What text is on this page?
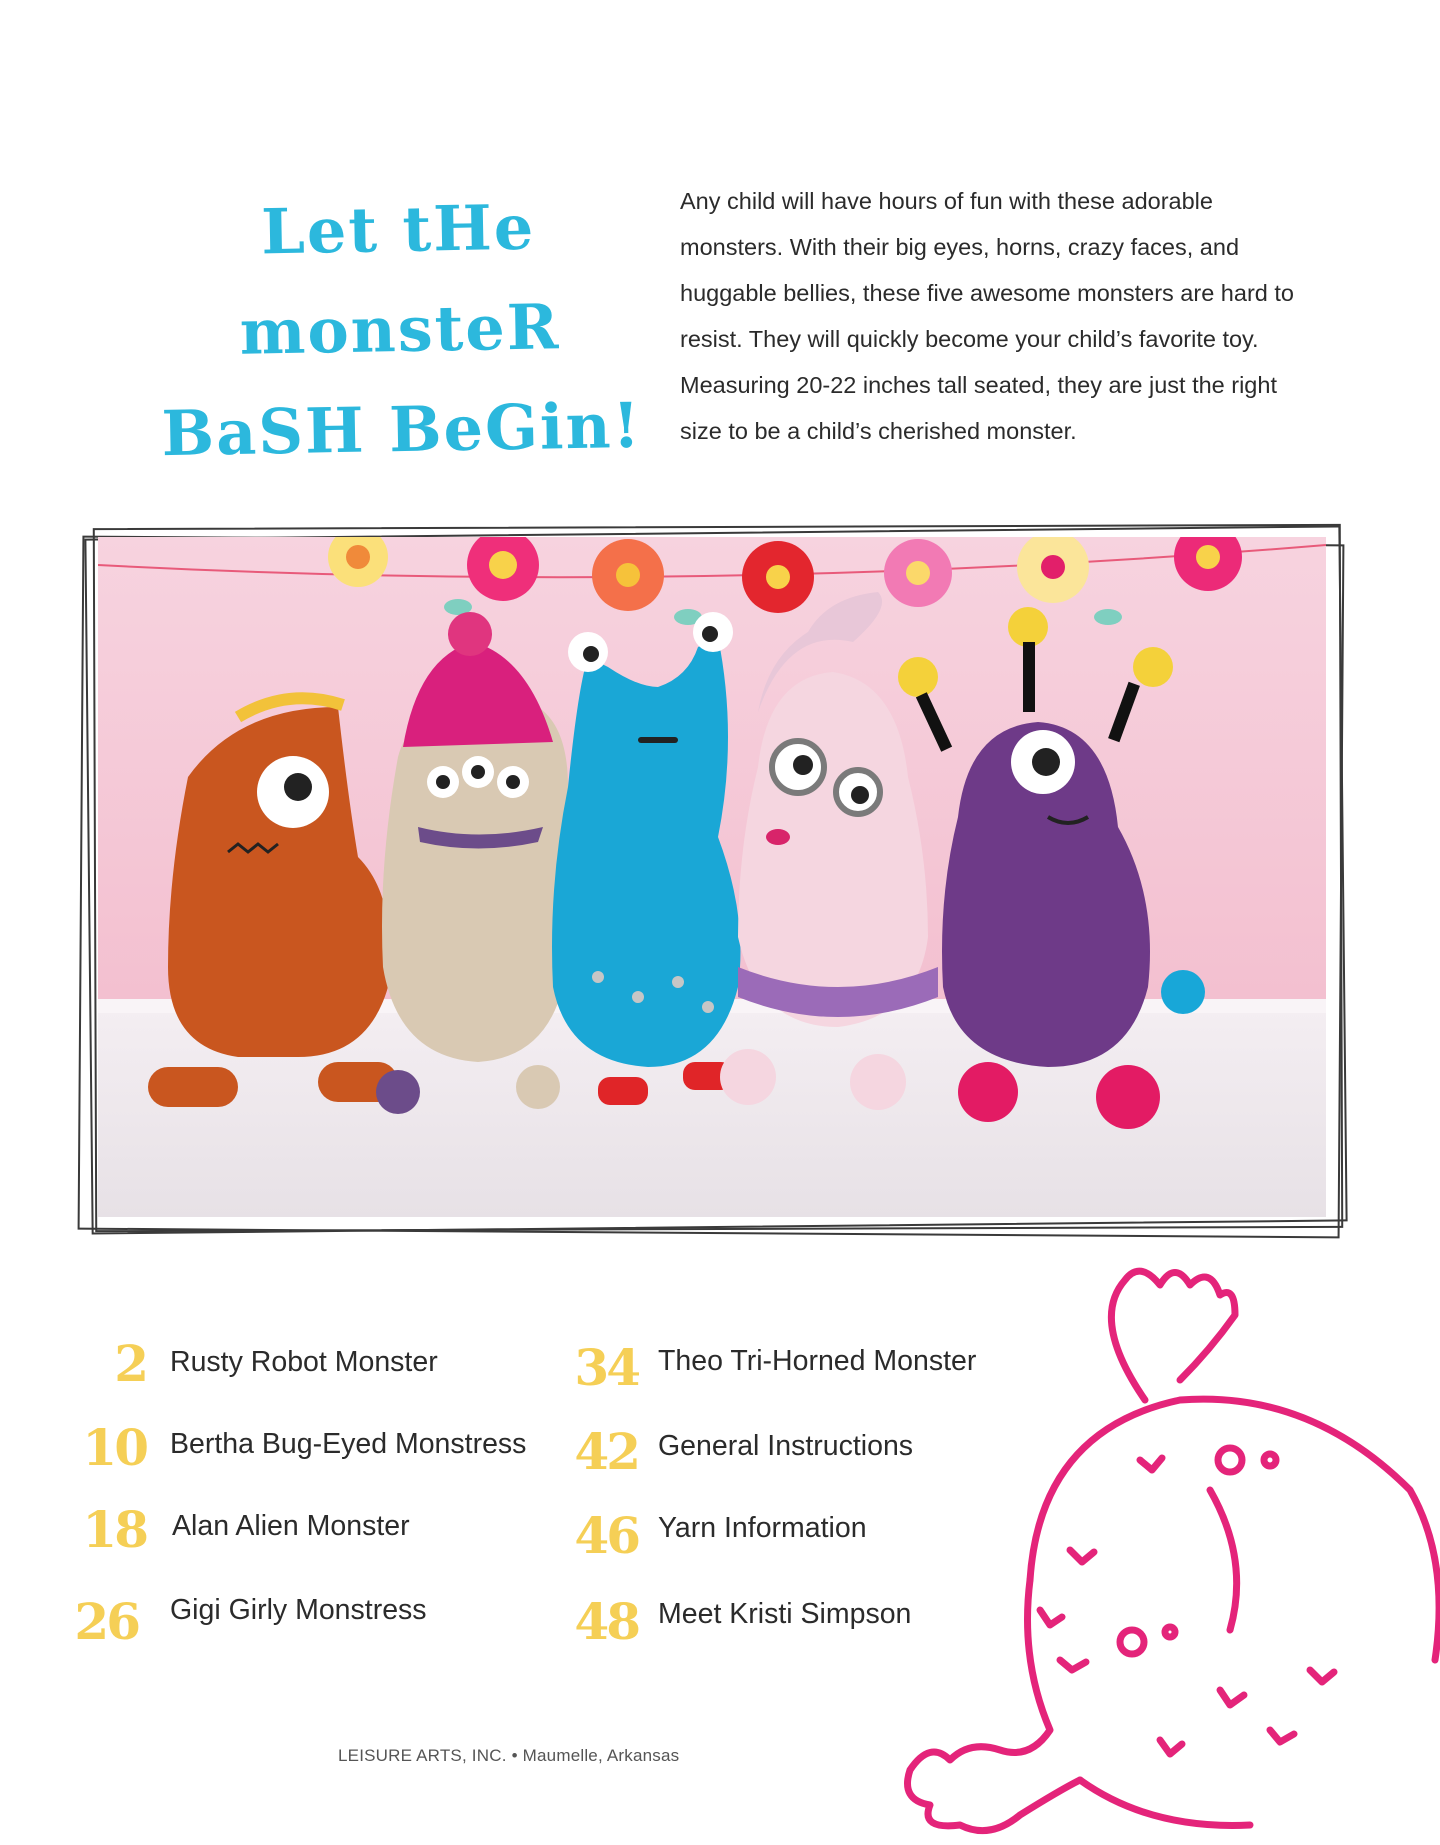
Let tHe
monsteR
BaSH BeGin!
Any child will have hours of fun with these adorable monsters. With their big eyes, horns, crazy faces, and huggable bellies, these five awesome monsters are hard to resist. They will quickly become your child’s favorite toy. Measuring 20-22 inches tall seated, they are just the right size to be a child’s cherished monster.
2 Rusty Robot Monster
10 Bertha Bug-Eyed Monstress
18 Alan Alien Monster
26 Gigi Girly Monstress
34 Theo Tri-Horned Monster
42 General Instructions
46 Yarn Information
48 Meet Kristi Simpson
LEISURE ARTS, INC. • Maumelle, Arkansas
